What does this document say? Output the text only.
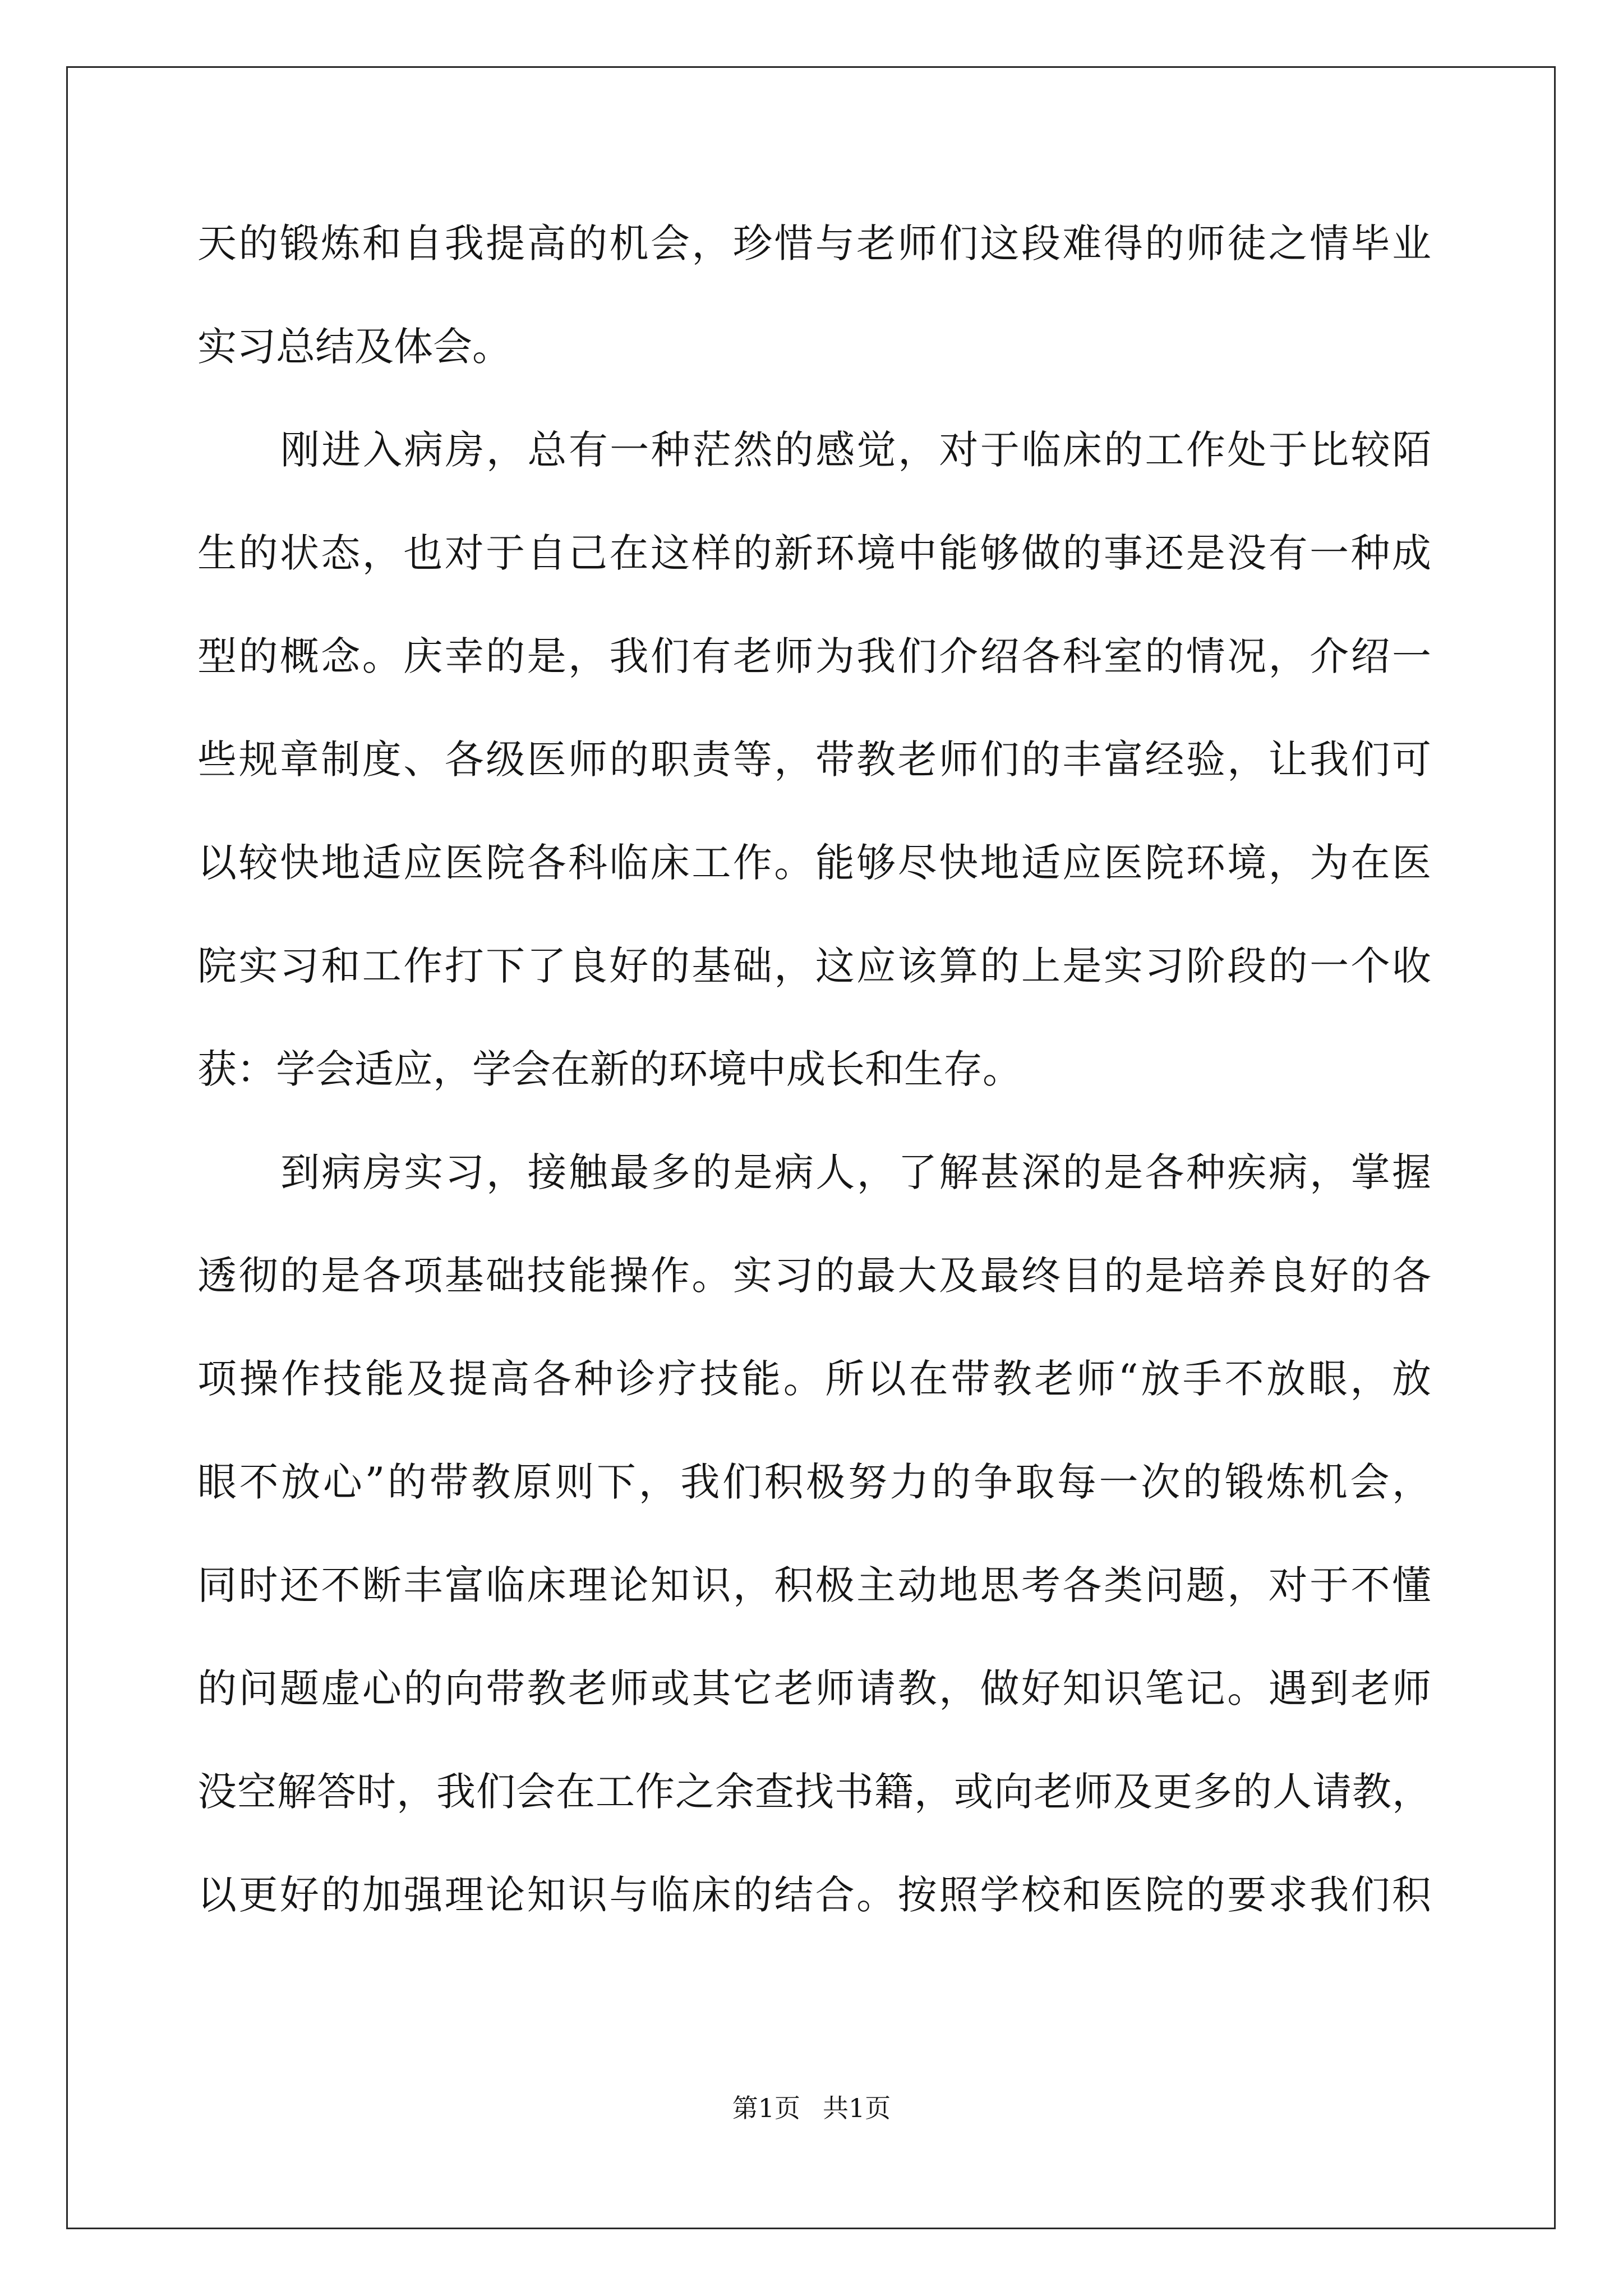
天的锻炼和自我提高的机会，珍惜与老师们这段难得的师徒之情毕业
实习总结及体会。
刚进入病房，总有一种茫然的感觉，对于临床的工作处于比较陌
生的状态，也对于自己在这样的新环境中能够做的事还是没有一种成
型的概念。庆幸的是，我们有老师为我们介绍各科室的情况，介绍一
些规章制度、各级医师的职责等，带教老师们的丰富经验，让我们可
以较快地适应医院各科临床工作。能够尽快地适应医院环境，为在医
院实习和工作打下了良好的基础，这应该算的上是实习阶段的一个收
获：学会适应，学会在新的环境中成长和生存。
到病房实习，接触最多的是病人，了解甚深的是各种疾病，掌握
透彻的是各项基础技能操作。实习的最大及最终目的是培养良好的各
项操作技能及提高各种诊疗技能。所以在带教老师“放手不放眼，放
眼不放心”的带教原则下，我们积极努力的争取每一次的锻炼机会，
同时还不断丰富临床理论知识，积极主动地思考各类问题，对于不懂
的问题虚心的向带教老师或其它老师请教，做好知识笔记。遇到老师
没空解答时，我们会在工作之余查找书籍，或向老师及更多的人请教，
以更好的加强理论知识与临床的结合。按照学校和医院的要求我们积
第1页 共1页
